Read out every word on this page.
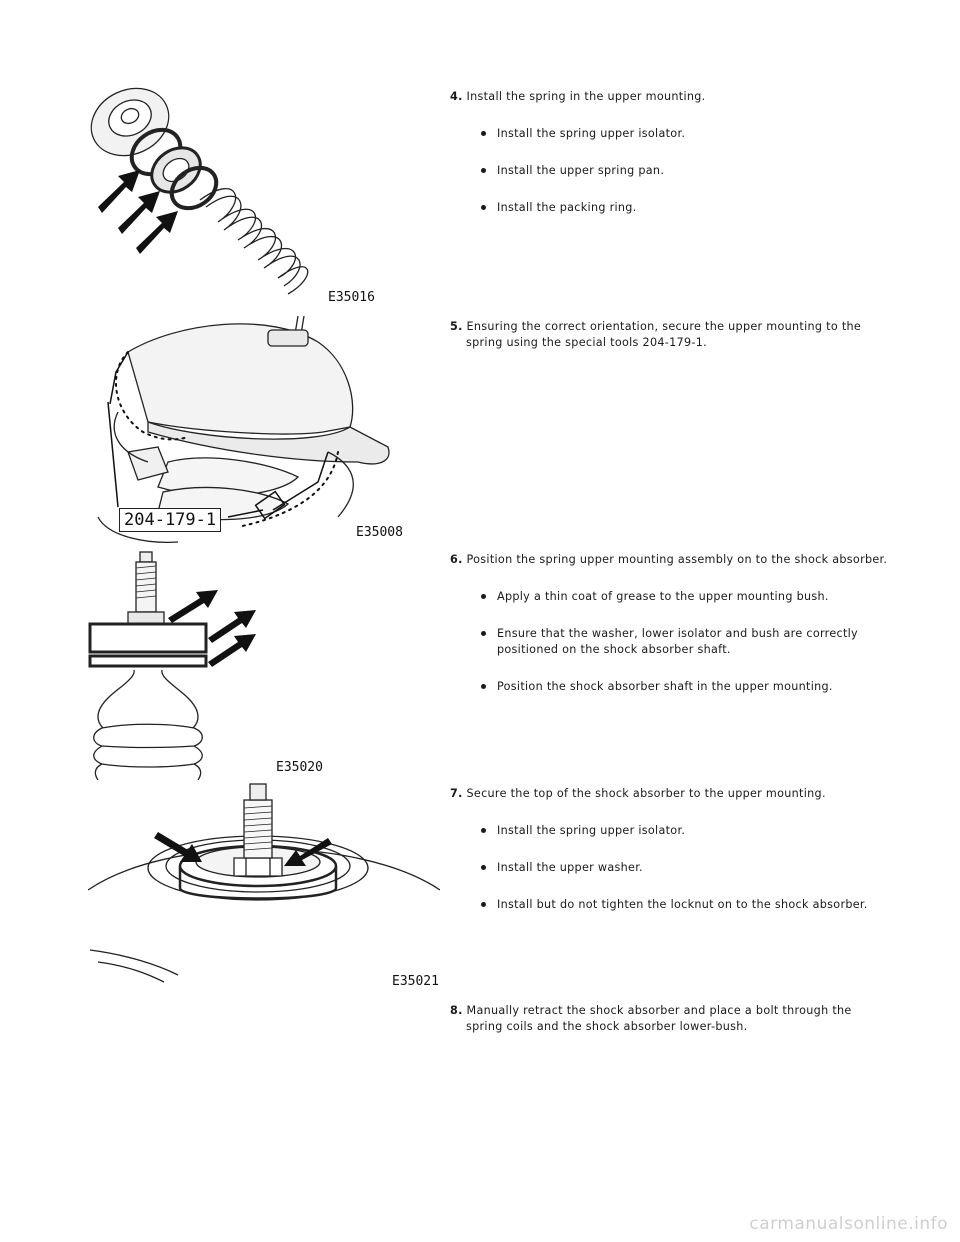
E35016
204-179-1
E35008
E35020
E35021
4. Install the spring in the upper mounting.
Install the spring upper isolator.
Install the upper spring pan.
Install the packing ring.
5. Ensuring the correct orientation, secure the upper mounting to the spring using the special tools 204-179-1.
6. Position the spring upper mounting assembly on to the shock absorber.
Apply a thin coat of grease to the upper mounting bush.
Ensure that the washer, lower isolator and bush are correctly positioned on the shock absorber shaft.
Position the shock absorber shaft in the upper mounting.
7. Secure the top of the shock absorber to the upper mounting.
Install the spring upper isolator.
Install the upper washer.
Install but do not tighten the locknut on to the shock absorber.
8. Manually retract the shock absorber and place a bolt through the spring coils and the shock absorber lower-bush.
carmanualsonline.info
